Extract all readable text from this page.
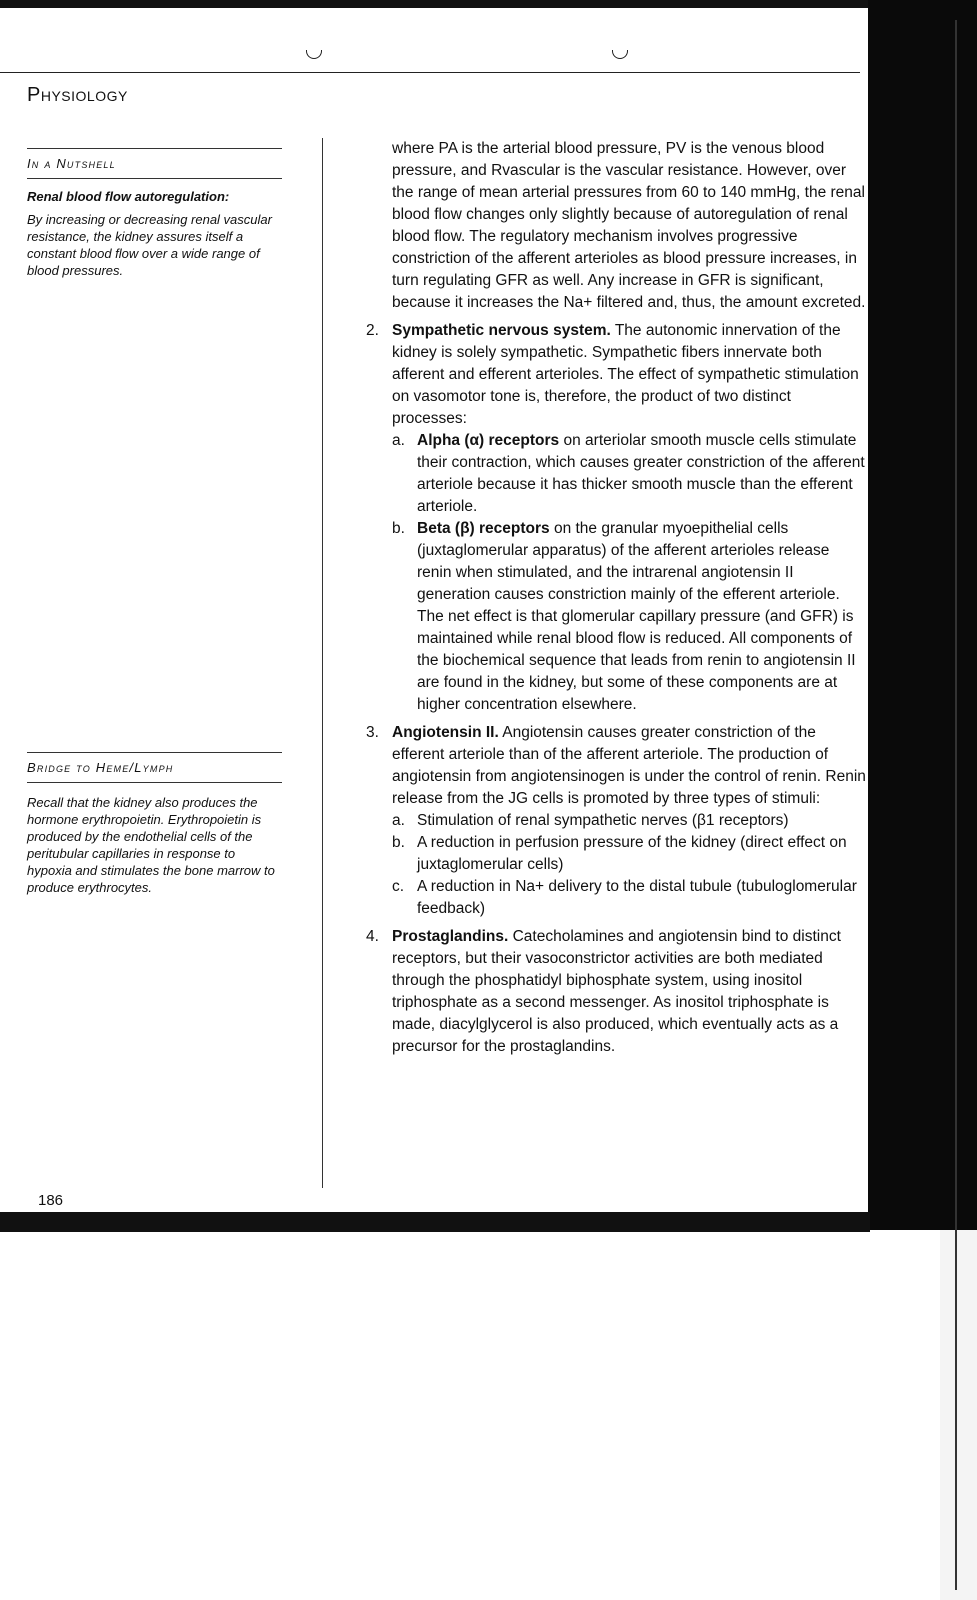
Physiology
In a Nutshell
Renal blood flow autoregulation:
By increasing or decreasing renal vascular resistance, the kidney assures itself a constant blood flow over a wide range of blood pressures.
Bridge to Heme/Lymph
Recall that the kidney also produces the hormone erythropoietin. Erythropoietin is produced by the endothelial cells of the peritubular capillaries in response to hypoxia and stimulates the bone marrow to produce erythrocytes.

where PA is the arterial blood pressure, PV is the venous blood pressure, and Rvascular is the vascular resistance. However, over the range of mean arterial pressures from 60 to 140 mmHg, the renal blood flow changes only slightly because of autoregulation of renal blood flow. The regulatory mechanism involves progressive constriction of the afferent arterioles as blood pressure increases, in turn regulating GFR as well. Any increase in GFR is significant, because it increases the Na+ filtered and, thus, the amount excreted.

2. Sympathetic nervous system. The autonomic innervation of the kidney is solely sympathetic. Sympathetic fibers innervate both afferent and efferent arterioles. The effect of sympathetic stimulation on vasomotor tone is, therefore, the product of two distinct processes:
a. Alpha (α) receptors on arteriolar smooth muscle cells stimulate their contraction, which causes greater constriction of the afferent arteriole because it has thicker smooth muscle than the efferent arteriole.
b. Beta (β) receptors on the granular myoepithelial cells (juxtaglomerular apparatus) of the afferent arterioles release renin when stimulated, and the intrarenal angiotensin II generation causes constriction mainly of the efferent arteriole. The net effect is that glomerular capillary pressure (and GFR) is maintained while renal blood flow is reduced. All components of the biochemical sequence that leads from renin to angiotensin II are found in the kidney, but some of these components are at higher concentration elsewhere.
3. Angiotensin II. Angiotensin causes greater constriction of the efferent arteriole than of the afferent arteriole. The production of angiotensin from angiotensinogen is under the control of renin. Renin release from the JG cells is promoted by three types of stimuli:
a. Stimulation of renal sympathetic nerves (β1 receptors)
b. A reduction in perfusion pressure of the kidney (direct effect on juxtaglomerular cells)
c. A reduction in Na+ delivery to the distal tubule (tubuloglomerular feedback)
4. Prostaglandins. Catecholamines and angiotensin bind to distinct receptors, but their vasoconstrictor activities are both mediated through the phosphatidyl biphosphate system, using inositol triphosphate as a second messenger. As inositol triphosphate is made, diacylglycerol is also produced, which eventually acts as a precursor for the prostaglandins.
186
